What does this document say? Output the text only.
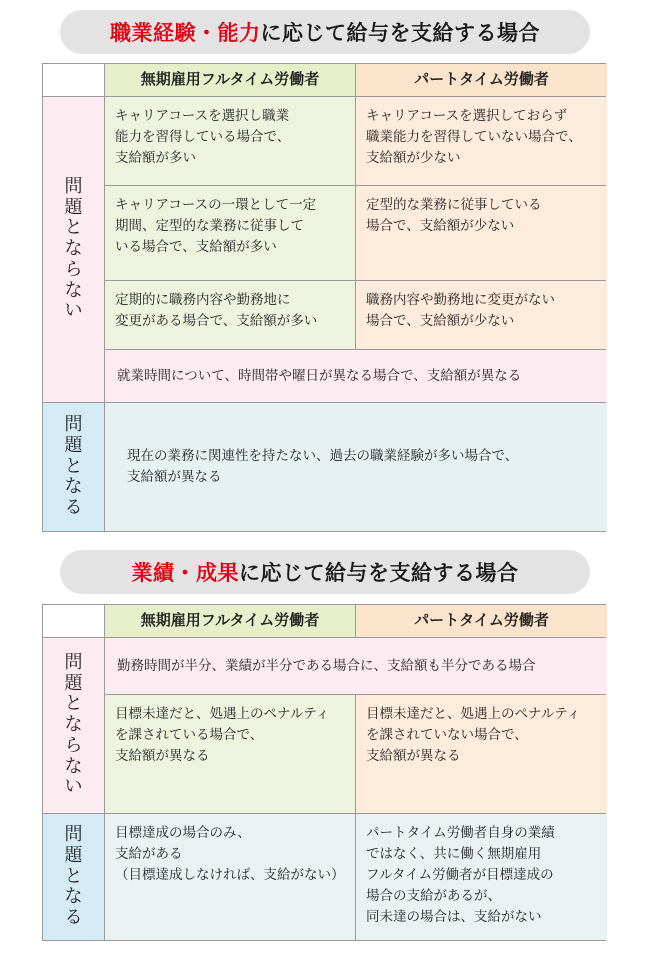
職業経験・能力 に応じて給与を支給する場合
無期雇用フルタイム労働者	パートタイム労働者
問
題
と
な
ら
な
い
キャリアコースを選択し職業
能力を習得している場合で、
支給額が多い
キャリアコースを選択しておらず
職業能力を習得していない場合で、
支給額が少ない
キャリアコースの一環として一定
期間、定型的な業務に従事して
いる場合で、支給額が多い
定型的な業務に従事している
場合で、支給額が少ない
定期的に職務内容や勤務地に
変更がある場合で、支給額が多い
職務内容や勤務地に変更がない
場合で、支給額が少ない
就業時間について、時間帯や曜日が異なる場合で、支給額が異なる
問
題
と
な
る
現在の業務に関連性を持たない、過去の職業経験が多い場合で、
支給額が異なる
業績・成果 に応じて給与を支給する場合
無期雇用フルタイム労働者	パートタイム労働者
問
題
と
な
ら
な
い
勤務時間が半分、業績が半分である場合に、支給額も半分である場合
目標未達だと、処遇上のペナルティ
を課されている場合で、
支給額が異なる
目標未達だと、処遇上のペナルティ
を課されていない場合で、
支給額が異なる
問
題
と
な
る
目標達成の場合のみ、
支給がある
（目標達成しなければ、支給がない）
パートタイム労働者自身の業績
ではなく、共に働く無期雇用
フルタイム労働者が目標達成の
場合の支給があるが、
同未達の場合は、支給がない
